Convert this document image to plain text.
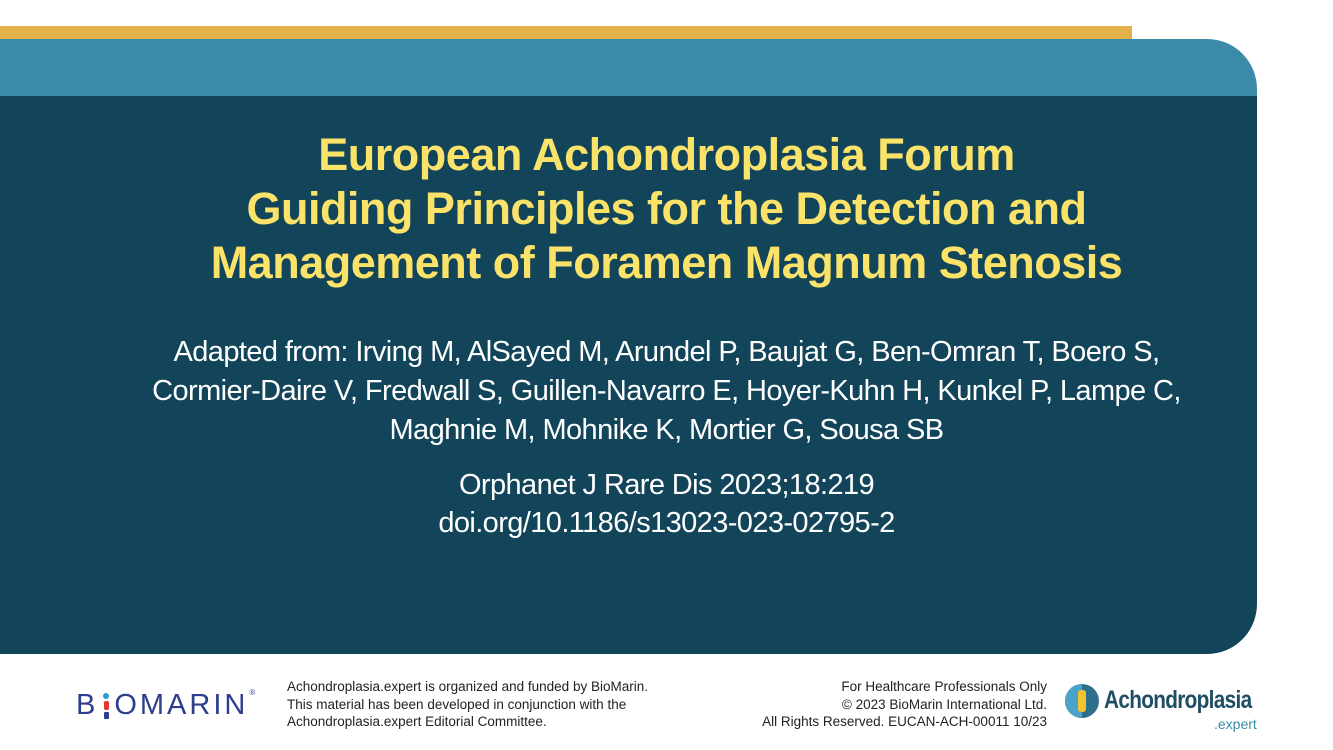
European Achondroplasia Forum
Guiding Principles for the Detection and
Management of Foramen Magnum Stenosis
Adapted from: Irving M, AlSayed M, Arundel P, Baujat G, Ben-Omran T, Boero S,
Cormier-Daire V, Fredwall S, Guillen-Navarro E, Hoyer-Kuhn H, Kunkel P, Lampe C,
Maghnie M, Mohnike K, Mortier G, Sousa SB
Orphanet J Rare Dis 2023;18:219
doi.org/10.1186/s13023-023-02795-2
B OMARIN ® Achondroplasia.expert is organized and funded by BioMarin.
This material has been developed in conjunction with the
Achondroplasia.expert Editorial Committee.
For Healthcare Professionals Only
© 2023 BioMarin International Ltd.
All Rights Reserved. EUCAN-ACH-00011 10/23
Achondroplasia
.expert
